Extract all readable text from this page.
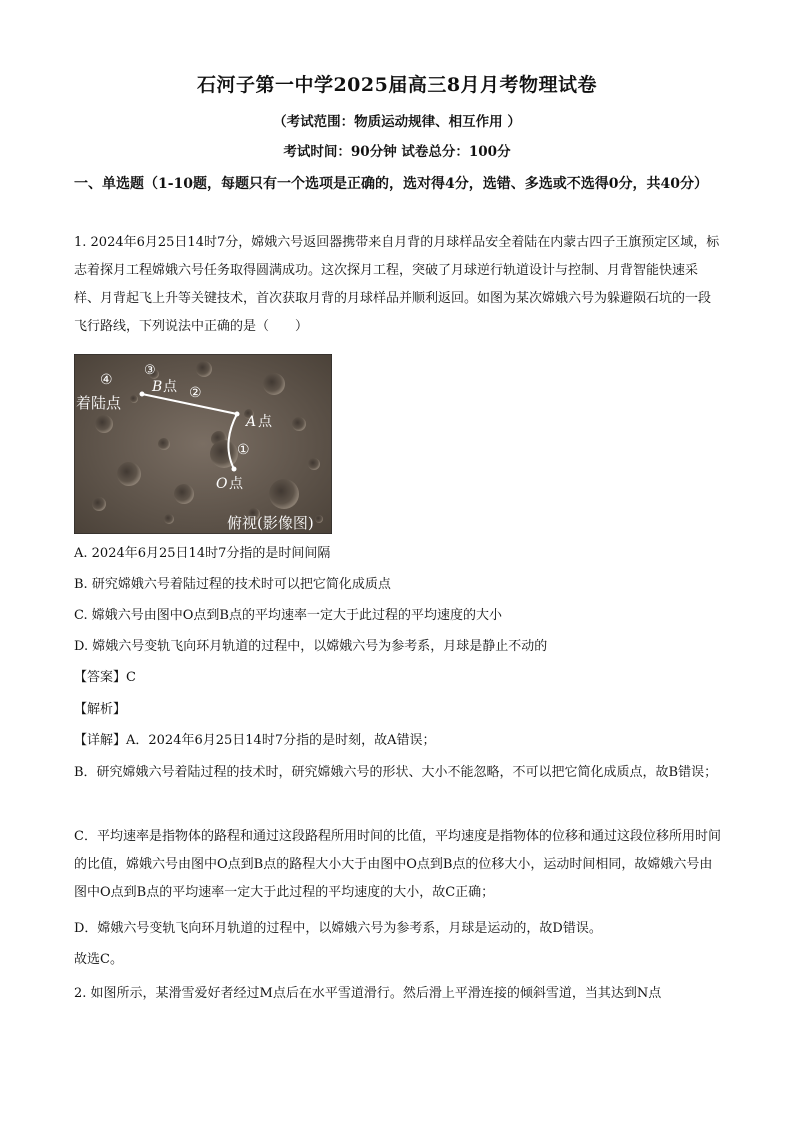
石河子第一中学2025届高三8月月考物理试卷
（考试范围：物质运动规律、相互作用 ）
考试时间：90分钟 试卷总分：100分
一、单选题（1-10题，每题只有一个选项是正确的，选对得4分，选错、多选或不选得0分，共40分）
1. 2024年6月25日14时7分，嫦娥六号返回器携带来自月背的月球样品安全着陆在内蒙古四子王旗预定区域，标志着探月工程嫦娥六号任务取得圆满成功。这次探月工程，突破了月球逆行轨道设计与控制、月背智能快速采样、月背起飞上升等关键技术，首次获取月背的月球样品并顺利返回。如图为某次嫦娥六号为躲避陨石坑的一段飞行路线，下列说法中正确的是（　　）
④
着陆点
③
B 点 ②
A 点
①
O 点
俯视(影像图)
A. 2024年6月25日14时7分指的是时间间隔
B. 研究嫦娥六号着陆过程的技术时可以把它简化成质点
C. 嫦娥六号由图中O点到B点的平均速率一定大于此过程的平均速度的大小
D. 嫦娥六号变轨飞向环月轨道的过程中，以嫦娥六号为参考系，月球是静止不动的
【答案】C
【解析】
【详解】A．2024年6月25日14时7分指的是时刻，故A错误；
B．研究嫦娥六号着陆过程的技术时，研究嫦娥六号的形状、大小不能忽略，不可以把它简化成质点，故B错误；
C．平均速率是指物体的路程和通过这段路程所用时间的比值，平均速度是指物体的位移和通过这段位移所用时间的比值，嫦娥六号由图中O点到B点的路程大小大于由图中O点到B点的位移大小，运动时间相同，故嫦娥六号由图中O点到B点的平均速率一定大于此过程的平均速度的大小，故C正确；
D．嫦娥六号变轨飞向环月轨道的过程中，以嫦娥六号为参考系，月球是运动的，故D错误。
故选C。
2. 如图所示，某滑雪爱好者经过M点后在水平雪道滑行。然后滑上平滑连接的倾斜雪道，当其达到N点
